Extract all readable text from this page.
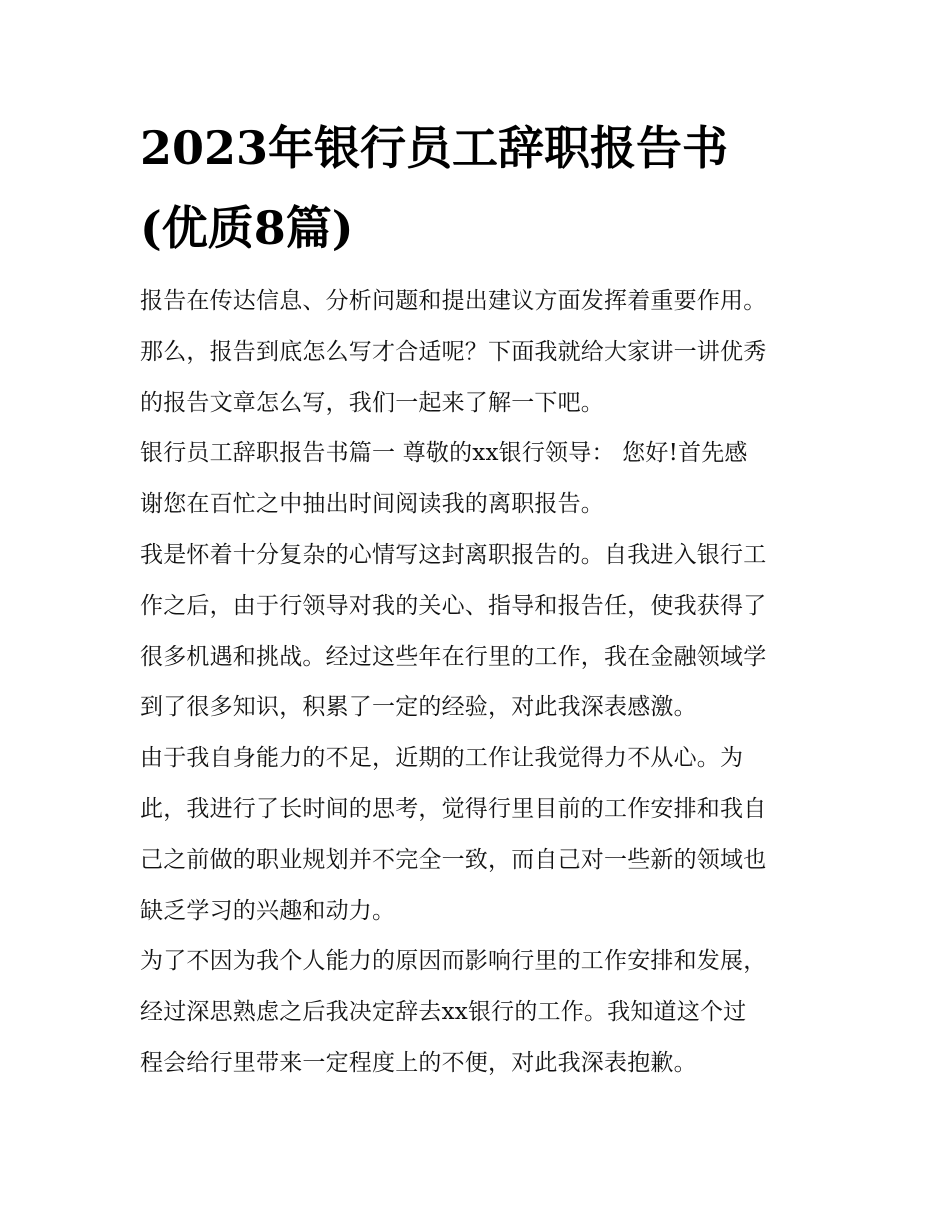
2023年银行员工辞职报告书
(优质8篇)
报告在传达信息、分析问题和提出建议方面发挥着重要作用。
那么，报告到底怎么写才合适呢？下面我就给大家讲一讲优秀
的报告文章怎么写，我们一起来了解一下吧。
银行员工辞职报告书篇一 尊敬的xx银行领导： 您好!首先感
谢您在百忙之中抽出时间阅读我的离职报告。
我是怀着十分复杂的心情写这封离职报告的。自我进入银行工
作之后，由于行领导对我的关心、指导和报告任，使我获得了
很多机遇和挑战。经过这些年在行里的工作，我在金融领域学
到了很多知识，积累了一定的经验，对此我深表感激。
由于我自身能力的不足，近期的工作让我觉得力不从心。为
此，我进行了长时间的思考，觉得行里目前的工作安排和我自
己之前做的职业规划并不完全一致，而自己对一些新的领域也
缺乏学习的兴趣和动力。
为了不因为我个人能力的原因而影响行里的工作安排和发展，
经过深思熟虑之后我决定辞去xx银行的工作。我知道这个过
程会给行里带来一定程度上的不便，对此我深表抱歉。
